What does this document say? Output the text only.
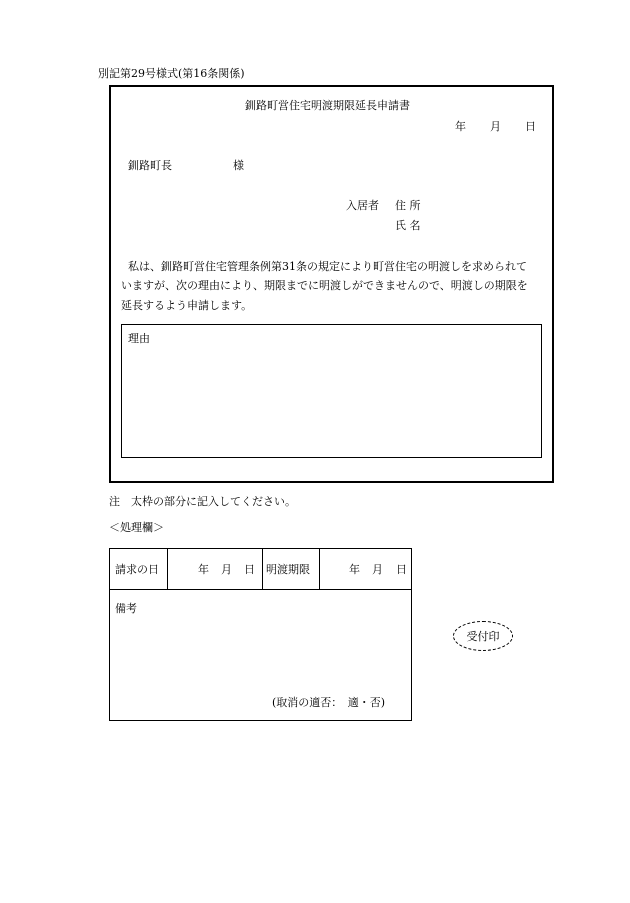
別記第29号様式(第16条関係)
釧路町営住宅明渡期限延長申請書
年 月 日
釧路町長	様
入居者 住 所
氏 名
私は、釧路町営住宅管理条例第31条の規定により町営住宅の明渡しを求められて
いますが、次の理由により、期限までに明渡しができませんので、明渡しの期限を
延長するよう申請します。
理由
注　太枠の部分に記入してください。
＜処理欄＞
請求の日	年 月 日 明渡期限	年 月 日
備考
(取消の適否：　適・否)
受付印
